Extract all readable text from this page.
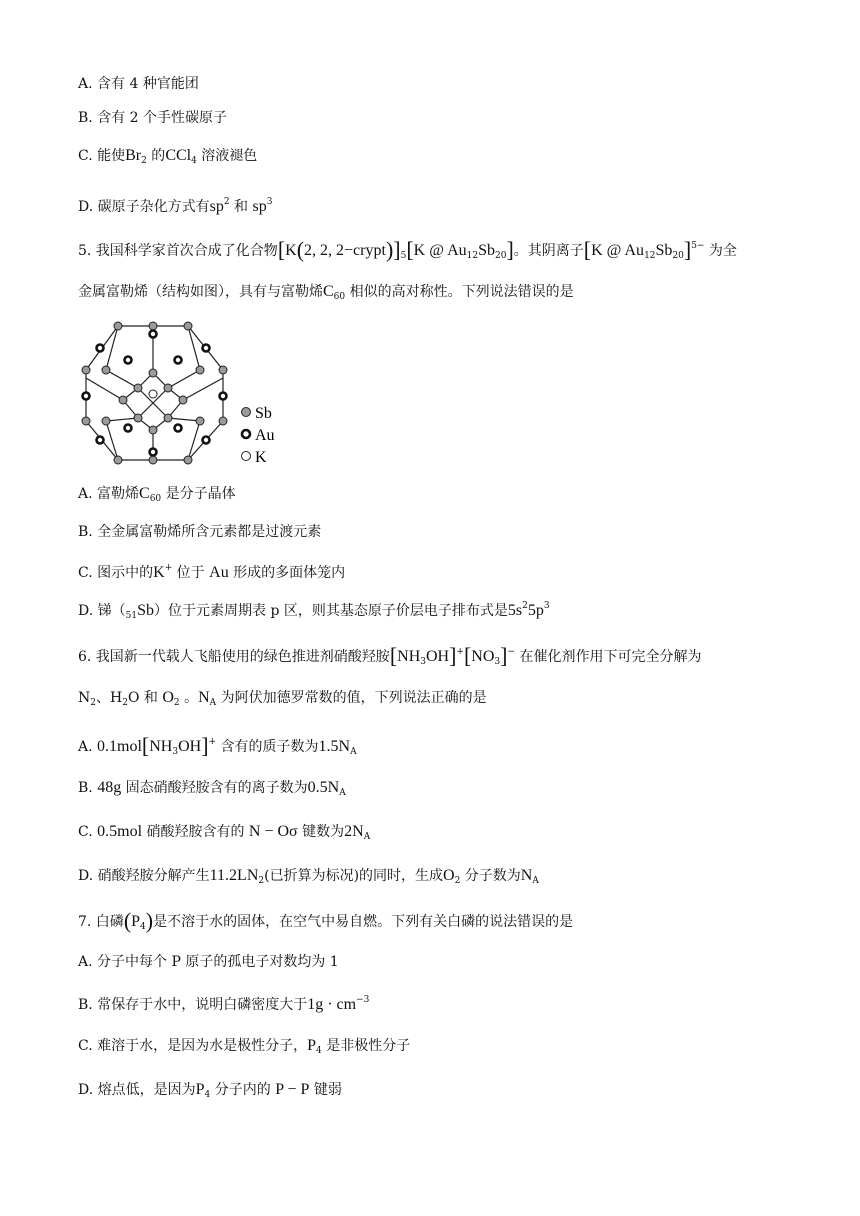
A. 含有 4 种官能团
B. 含有 2 个手性碳原子
C. 能使$Br_2$ 的CCl$_4$ 溶液褪色
D. 碳原子杂化方式有$sp^2$ 和 $sp^3$
5. 我国科学家首次合成了化合物[K(2, 2, $2-crypt)]_5[K$ @ $Au_{12}Sb_{20}$]。其阴离子[K @ $Au_{12}Sb_{20}]^{5-}$ 为全
金属富勒烯（结构如图），具有与富勒烯$C_{60}$ 相似的高对称性。下列说法错误的是
Sb
Au
K
A. 富勒烯$C_{60}$ 是分子晶体
B. 全金属富勒烯所含元素都是过渡元素
C. 图示中的K+ 位于 Au 形成的多面体笼内
D. 锑$(_{51}Sb)$位于元素周期表 p 区，则其基态原子价层电子排布式是$5s^25p^3$
6. 我国新一代载人飞船使用的绿色推进剂硝酸羟胺$[NH_3OH]^+[NO_3]^-$ 在催化剂作用下可完全分解为
$N_2$、$H_2O$ 和 $O_2$ 。$N_A$ 为阿伏加德罗常数的值，下列说法正确的是
A. $0.1mol[NH_3OH]^+$ 含有的质子数为$1.5N_A$
B. 48g 固态硝酸羟胺含有的离子数为$0.5N_A$
C. 0.5mol 硝酸羟胺含有的 N − Oσ 键数为$2N_A$
D. 硝酸羟胺分解产生$11.2LN_2$(已折算为标况)的同时，生成$O_2$ 分子数为$N_A$
7. 白磷$(P_4)$是不溶于水的固体，在空气中易自燃。下列有关白磷的说法错误的是
A. 分子中每个 P 原子的孤电子对数均为 1
B. 常保存于水中，说明白磷密度大于$1g \cdot cm^{-3}$
C. 难溶于水，是因为水是极性分子，$P_4$ 是非极性分子
D. 熔点低，是因为$P_4$ 分子内的 P − P 键弱
